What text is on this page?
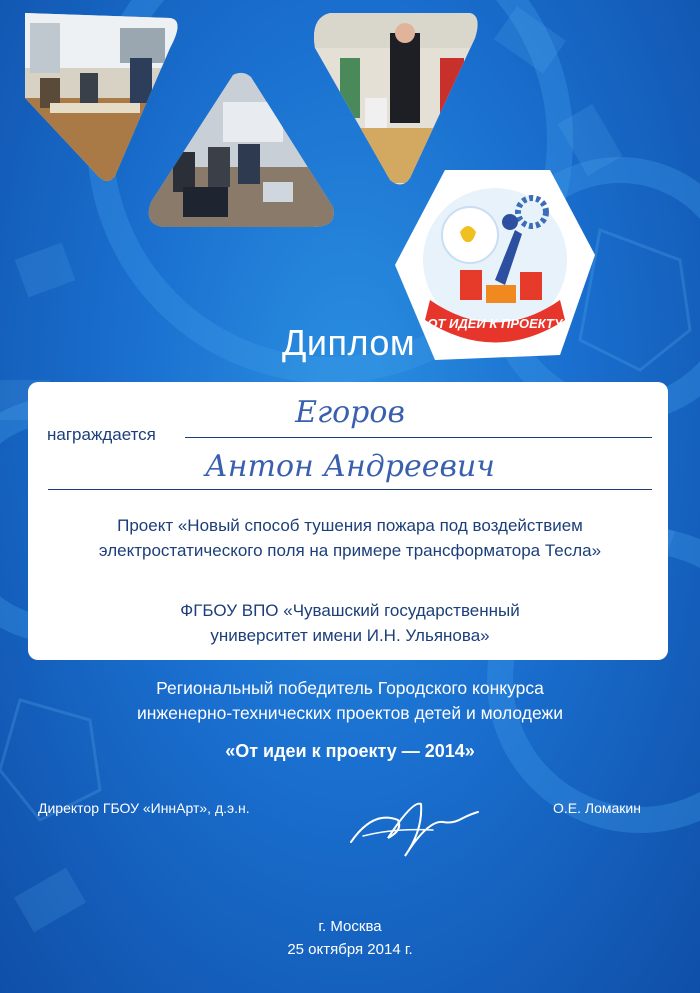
ОТ ИДЕИ К ПРОЕКТУ
Диплом
награждается
Егоров
Антон Андреевич
Проект «Новый способ тушения пожара под воздействием
электростатического поля на примере трансформатора Тесла»
ФГБОУ ВПО «Чувашский государственный
университет имени И.Н. Ульянова»
Региональный победитель Городского конкурса
инженерно-технических проектов детей и молодежи
«От идеи к проекту — 2014»
Директор ГБОУ «ИннАрт», д.э.н.	О.Е. Ломакин
г. Москва
25 октября 2014 г.
